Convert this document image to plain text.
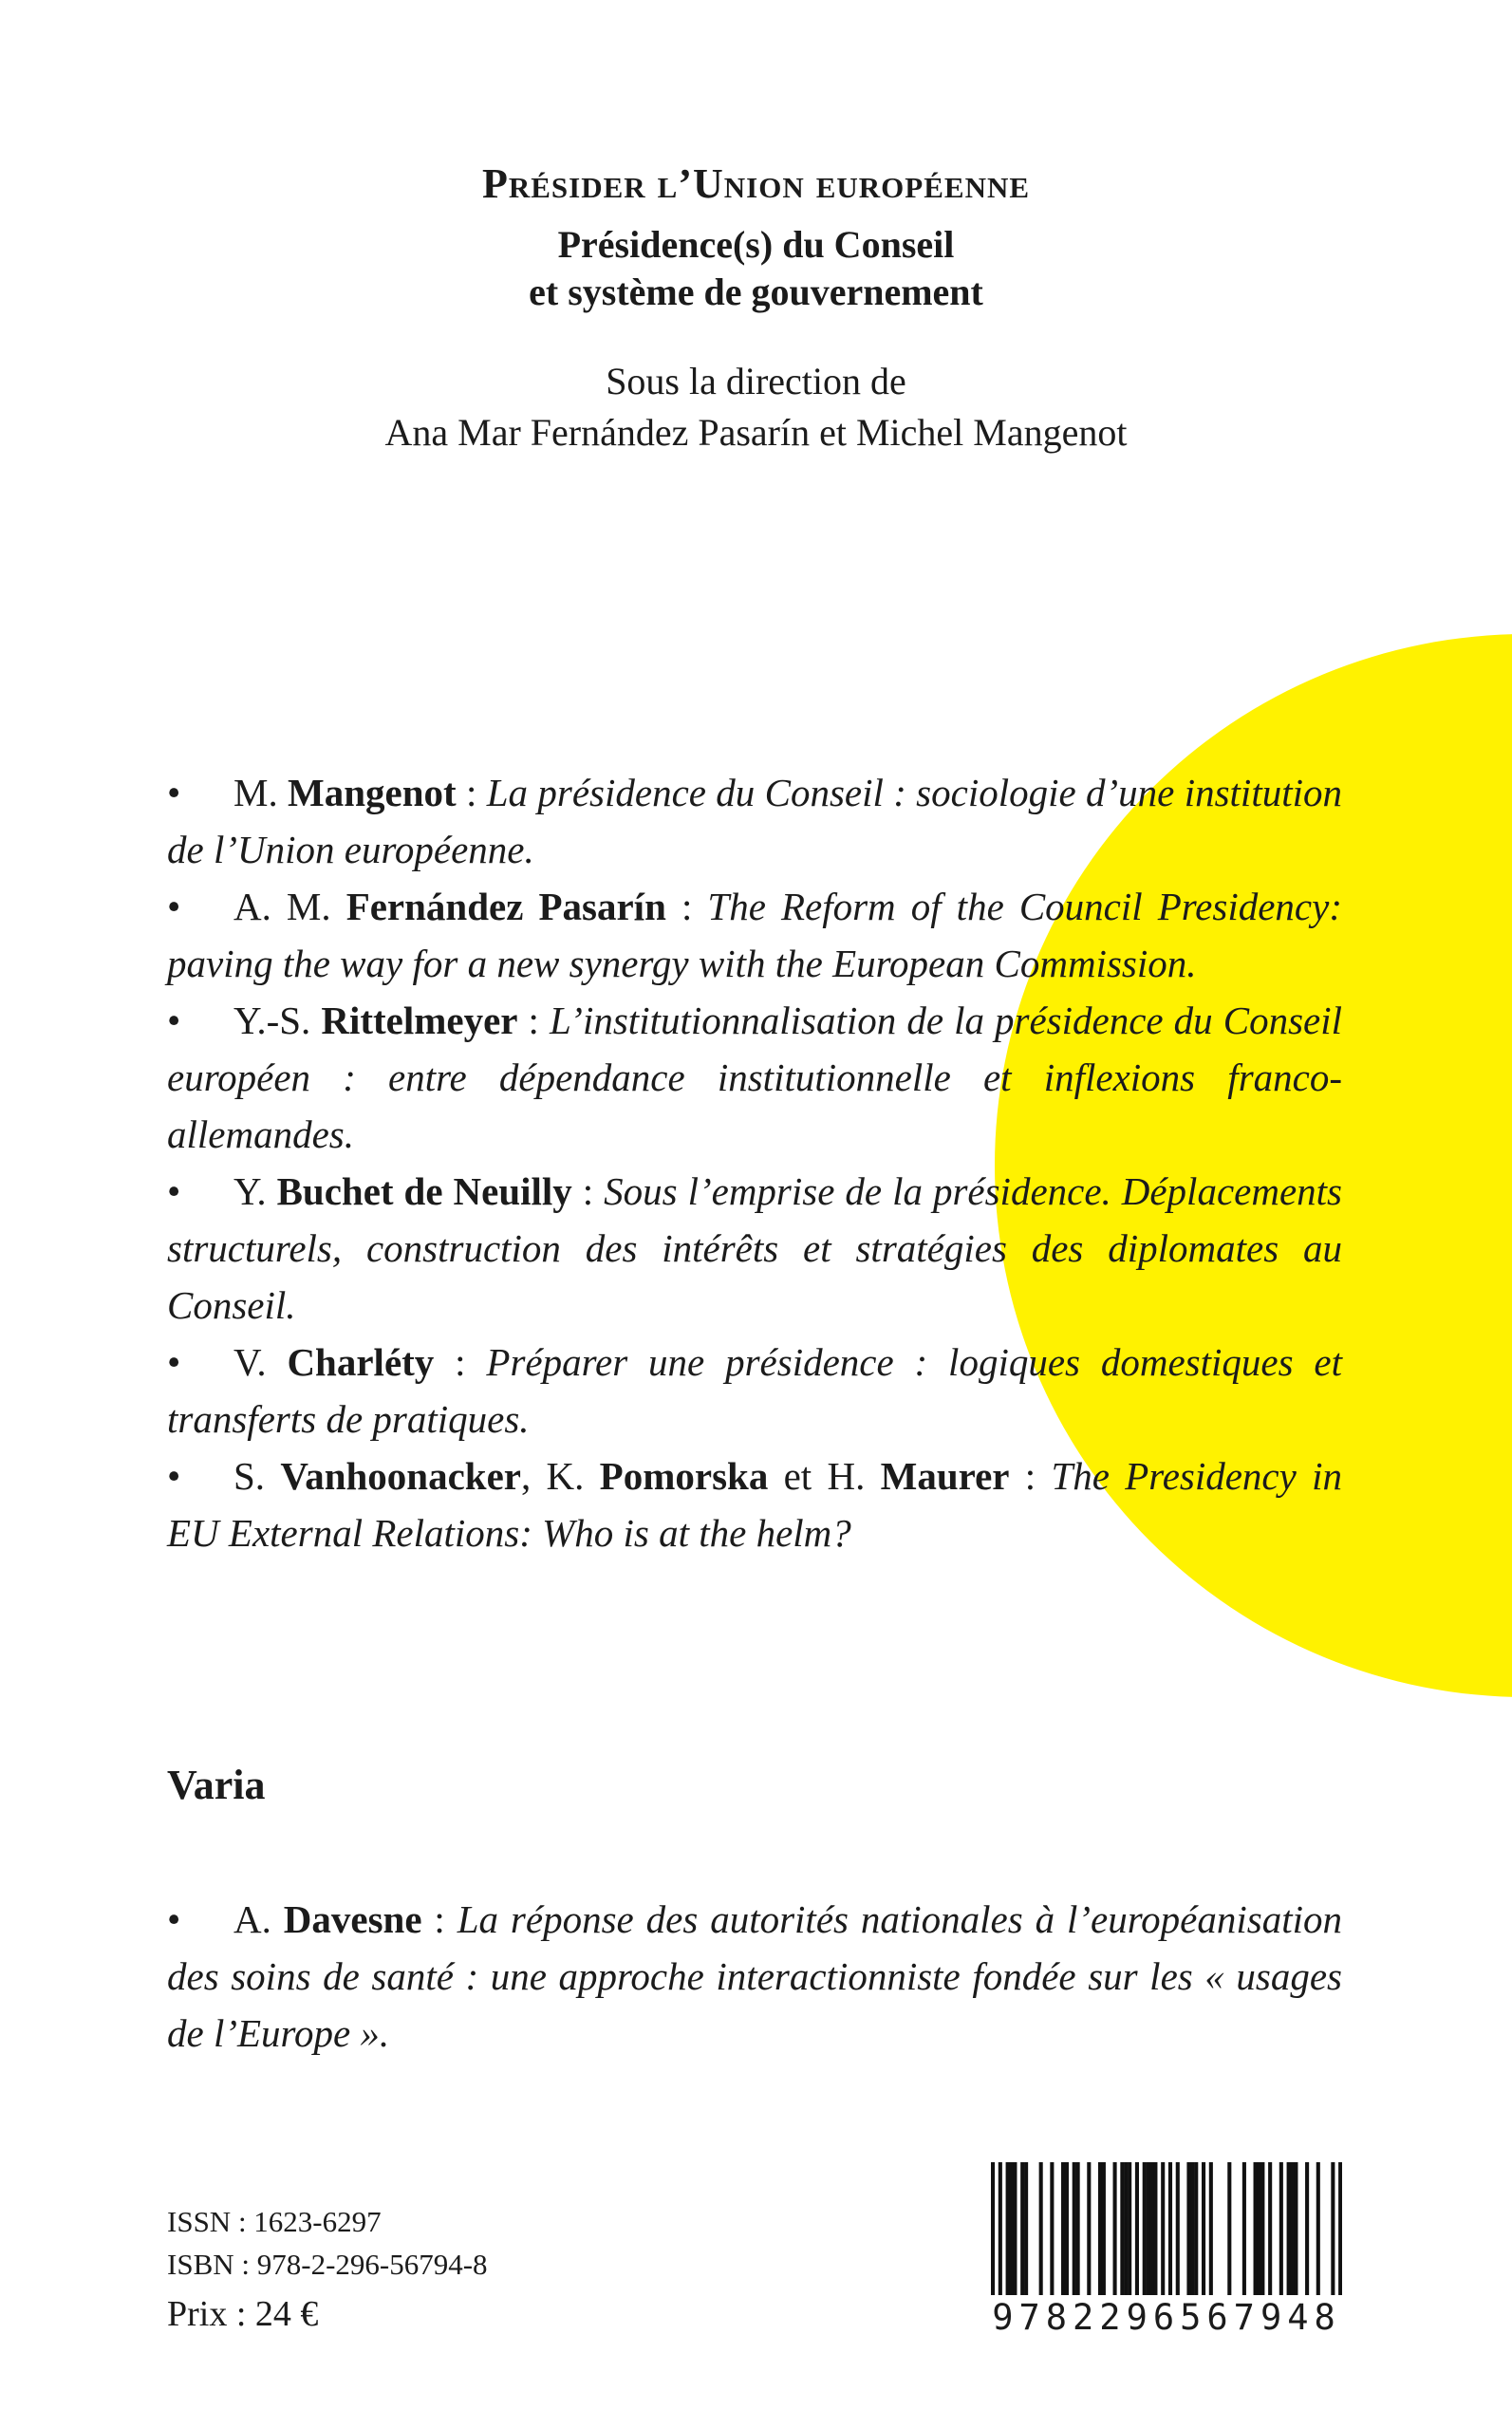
Présider l’Union européenne
Présidence(s) du Conseil
et système de gouvernement
Sous la direction de
Ana Mar Fernández Pasarín et Michel Mangenot
• M. Mangenot : La présidence du Conseil : sociologie d’une institution de l’Union européenne.
• A. M. Fernández Pasarín : The Reform of the Council Presidency: paving the way for a new synergy with the European Commission.
• Y.-S. Rittelmeyer : L’institutionnalisation de la présidence du Conseil européen : entre dépendance institutionnelle et inflexions franco-allemandes.
• Y. Buchet de Neuilly : Sous l’emprise de la présidence. Déplacements structurels, construction des intérêts et stratégies des diplomates au Conseil.
• V. Charléty : Préparer une présidence : logiques domestiques et transferts de pratiques.
• S. Vanhoonacker, K. Pomorska et H. Maurer : The Presidency in EU External Relations: Who is at the helm?
Varia
• A. Davesne : La réponse des autorités nationales à l’européanisation des soins de santé : une approche interactionniste fondée sur les « usages de l’Europe ».
ISSN : 1623-6297
ISBN : 978-2-296-56794-8
Prix : 24 €	9782296567948
